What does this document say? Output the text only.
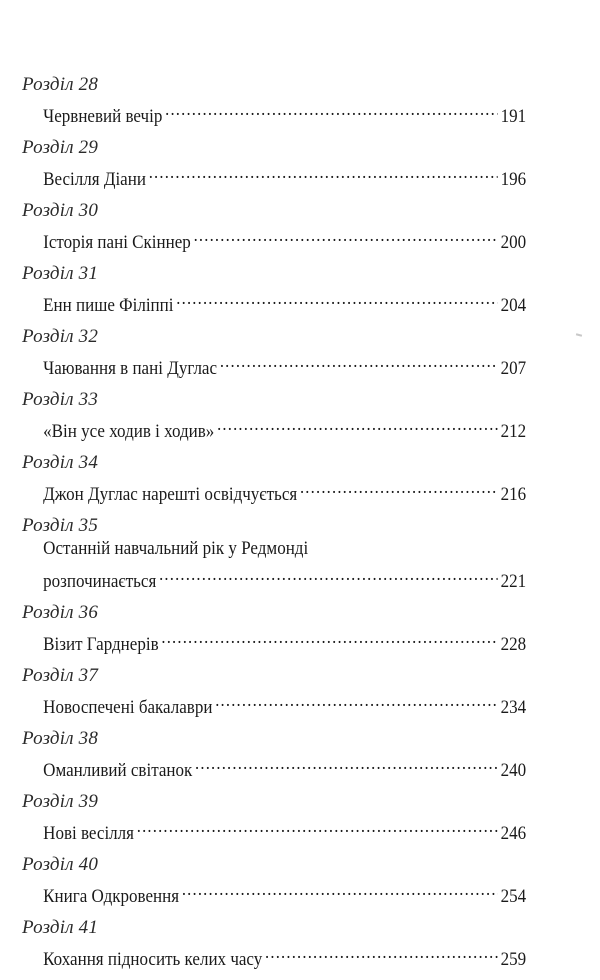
Розділ 28
Червневий вечір . . .	191
Розділ 29
Весілля Діани . . .	196
Розділ 30
Історія пані Скіннер . . .	200
Розділ 31
Енн пише Філіппі . . .	204
Розділ 32
Чаювання в пані Дуглас . . .	207
Розділ 33
«Він усе ходив і ходив» . . .	212
Розділ 34
Джон Дуглас нарешті освідчується . . .	216
Розділ 35
Останній навчальний рік у Редмонді
розпочинається . . .	221
Розділ 36
Візит Гарднерів . . .	228
Розділ 37
Новоспечені бакалаври . . .	234
Розділ 38
Оманливий світанок . . .	240
Розділ 39
Нові весілля . . .	246
Розділ 40
Книга Одкровення . . .	254
Розділ 41
Кохання підносить келих часу . . .	259
